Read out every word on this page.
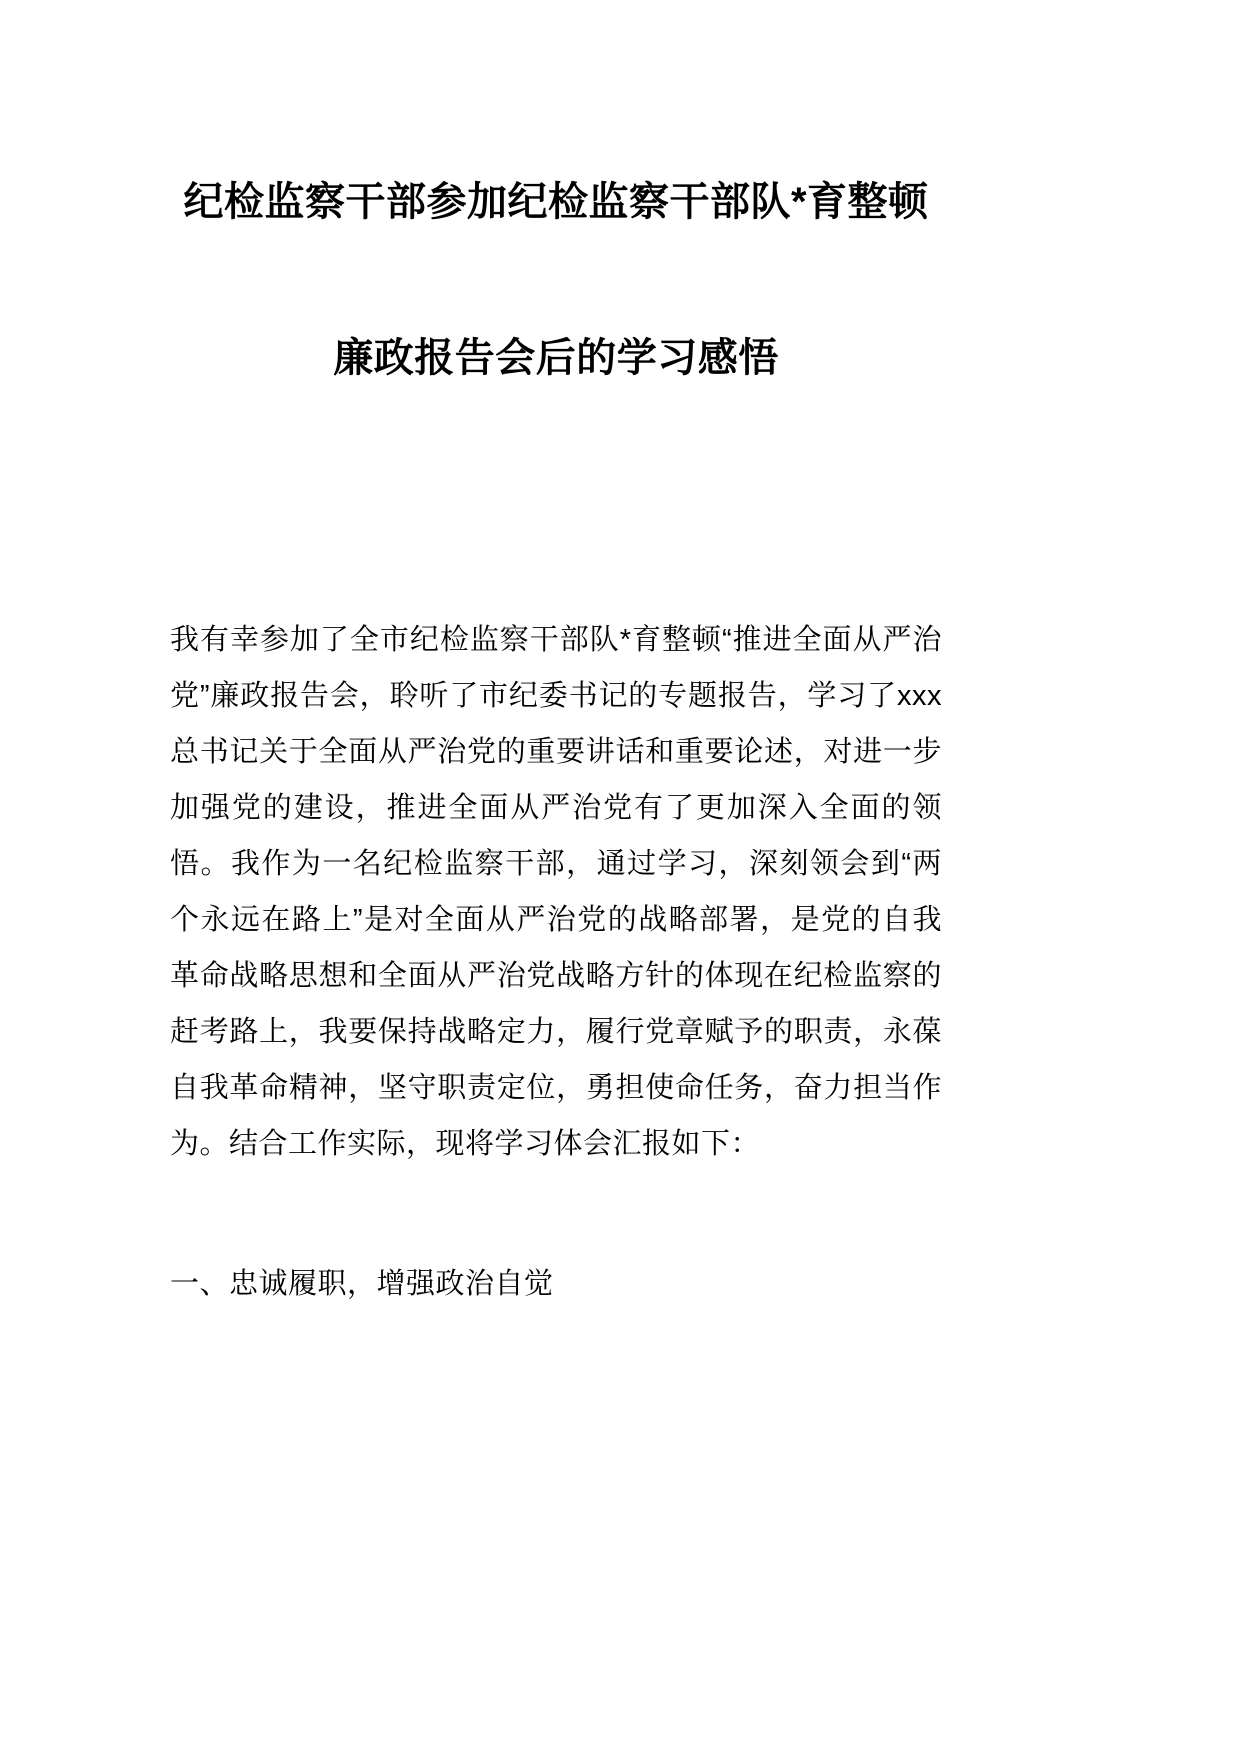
纪检监察干部参加纪检监察干部队*育整顿
廉政报告会后的学习感悟

我有幸参加了全市纪检监察干部队*育整顿“推进全面从严治党”廉政报告会，聆听了市纪委书记的专题报告，学习了xxx总书记关于全面从严治党的重要讲话和重要论述，对进一步加强党的建设，推进全面从严治党有了更加深入全面的领悟。我作为一名纪检监察干部，通过学习，深刻领会到“两个永远在路上”是对全面从严治党的战略部署，是党的自我革命战略思想和全面从严治党战略方针的体现在纪检监察的赶考路上，我要保持战略定力，履行党章赋予的职责，永葆自我革命精神，坚守职责定位，勇担使命任务，奋力担当作为。结合工作实际，现将学习体会汇报如下：

一、忠诚履职，增强政治自觉
